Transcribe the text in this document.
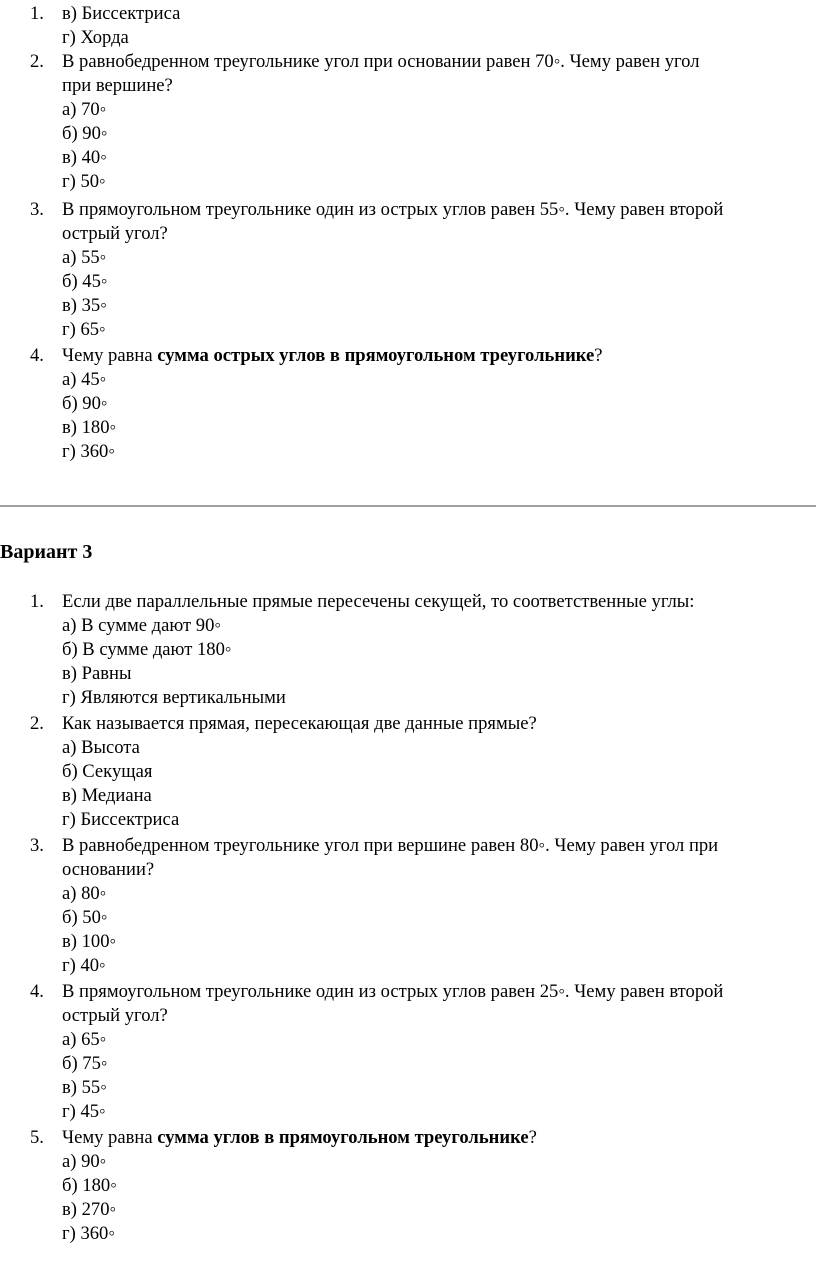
1. в) Биссектриса
г) Хорда
2. В равнобедренном треугольнике угол при основании равен 70◦. Чему равен угол
при вершине?
а) 70◦
б) 90◦
в) 40◦
г) 50◦
3. В прямоугольном треугольнике один из острых углов равен 55◦. Чему равен второй
острый угол?
а) 55◦
б) 45◦
в) 35◦
г) 65◦
4. Чему равна сумма острых углов в прямоугольном треугольнике?
а) 45◦
б) 90◦
в) 180◦
г) 360◦
Вариант 3
1. Если две параллельные прямые пересечены секущей, то соответственные углы:
а) В сумме дают 90◦
б) В сумме дают 180◦
в) Равны
г) Являются вертикальными
2. Как называется прямая, пересекающая две данные прямые?
а) Высота
б) Секущая
в) Медиана
г) Биссектриса
3. В равнобедренном треугольнике угол при вершине равен 80◦. Чему равен угол при
основании?
а) 80◦
б) 50◦
в) 100◦
г) 40◦
4. В прямоугольном треугольнике один из острых углов равен 25◦. Чему равен второй
острый угол?
а) 65◦
б) 75◦
в) 55◦
г) 45◦
5. Чему равна сумма углов в прямоугольном треугольнике?
а) 90◦
б) 180◦
в) 270◦
г) 360◦
